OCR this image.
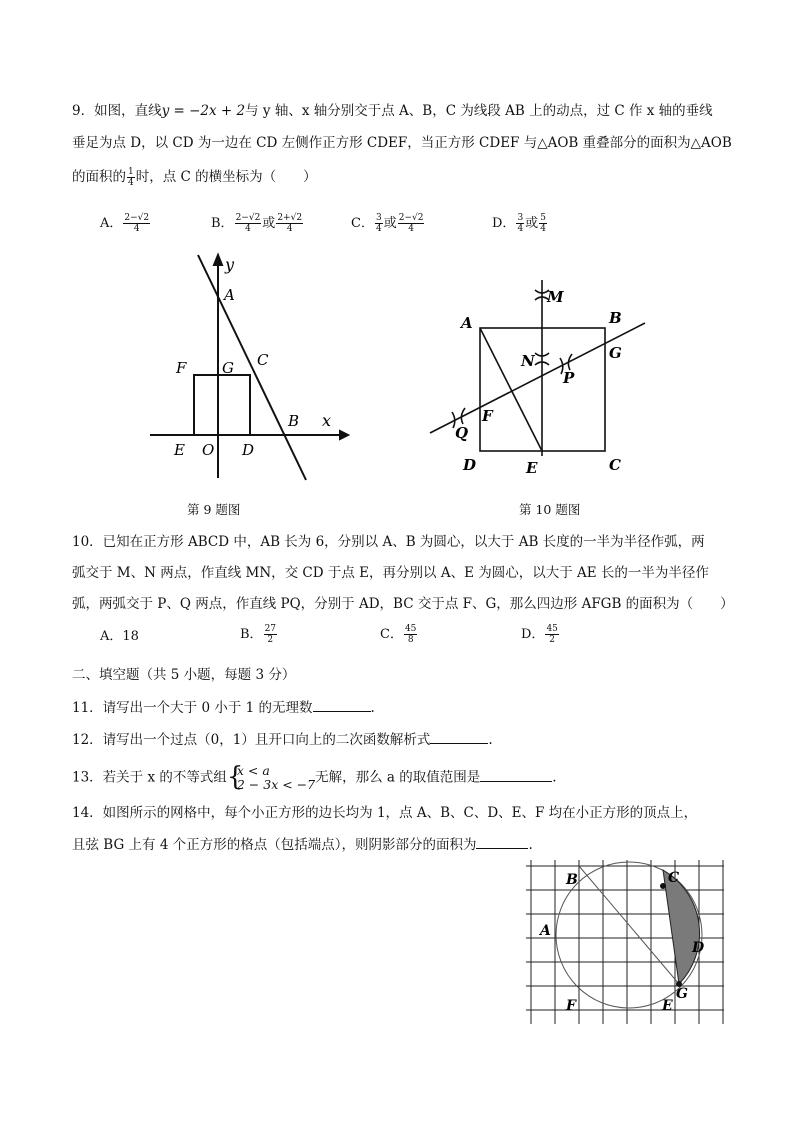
9．如图，直线y = −2x + 2与 y 轴、x 轴分别交于点 A、B，C 为线段 AB 上的动点，过 C 作 x 轴的垂线
垂足为点 D，以 CD 为一边在 CD 左侧作正方形 CDEF，当正方形 CDEF 与△AOB 重叠部分的面积为△AOB
的面积的 $\frac{1}{4}$ 时，点 C 的横坐标为（　　）
A． $\frac{2-√2}{4}$	B． $\frac{2-√2}{4}$ 或 $\frac{2+√2}{4}$	C． $\frac{3}{4}$ 或 $\frac{2-√2}{4}$	D． $\frac{3}{4}$ 或 $\frac{5}{4}$
y
x
A
B
C
D
E
F G
O
A	B
C
D	E
F
G
M
N
P
Q
第 9 题图	第 10 题图
10．已知在正方形 ABCD 中，AB 长为 6，分别以 A、B 为圆心，以大于 AB 长度的一半为半径作弧，两
弧交于 M、N 两点，作直线 MN，交 CD 于点 E，再分别以 A、E 为圆心，以大于 AE 长的一半为半径作
弧，两弧交于 P、Q 两点，作直线 PQ，分别于 AD，BC 交于点 F、G，那么四边形 AFGB 的面积为（　　）
A．18	B． $\frac{27}{2}$	C． $\frac{45}{8}$	D． $\frac{45}{2}$
二、填空题（共 5 小题，每题 3 分）
11．请写出一个大于 0 小于 1 的无理数	.
12．请写出一个过点（0，1）且开口向上的二次函数解析式	.
13．若关于 x 的不等式组 {
x < a
2 − 3x < −7 无解，那么 a 的取值范围是	.
14．如图所示的网格中，每个小正方形的边长均为 1，点 A、B、C、D、E、F 均在小正方形的顶点上，
且弦 BG 上有 4 个正方形的格点（包括端点），则阴影部分的面积为	.
B	C
A
D
G
E
F
